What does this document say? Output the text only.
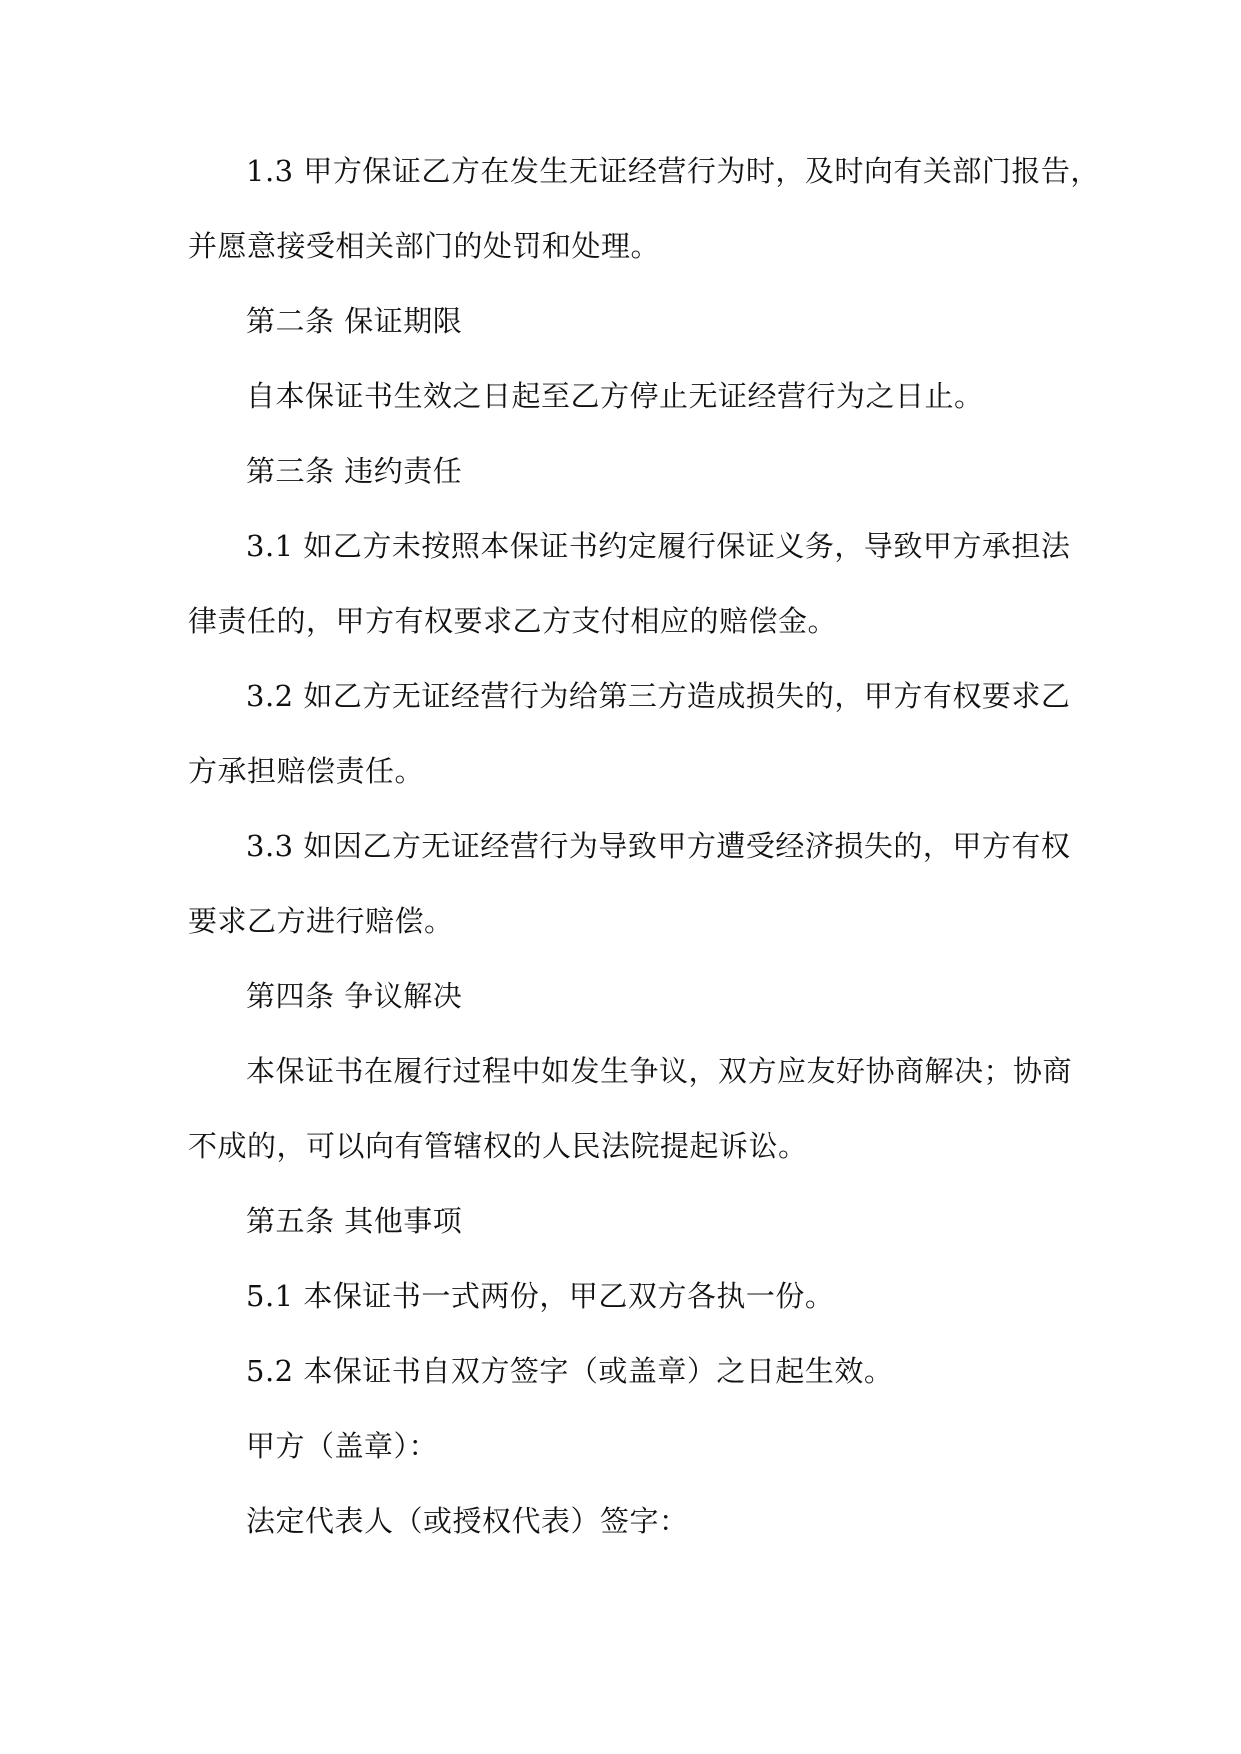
1.3 甲方保证乙方在发生无证经营行为时，及时向有关部门报告，

并愿意接受相关部门的处罚和处理。

第二条 保证期限

自本保证书生效之日起至乙方停止无证经营行为之日止。

第三条 违约责任

3.1 如乙方未按照本保证书约定履行保证义务，导致甲方承担法

律责任的，甲方有权要求乙方支付相应的赔偿金。

3.2 如乙方无证经营行为给第三方造成损失的，甲方有权要求乙

方承担赔偿责任。

3.3 如因乙方无证经营行为导致甲方遭受经济损失的，甲方有权

要求乙方进行赔偿。

第四条 争议解决

本保证书在履行过程中如发生争议，双方应友好协商解决；协商

不成的，可以向有管辖权的人民法院提起诉讼。

第五条 其他事项

5.1 本保证书一式两份，甲乙双方各执一份。

5.2 本保证书自双方签字（或盖章）之日起生效。

甲方（盖章）：

法定代表人（或授权代表）签字：
